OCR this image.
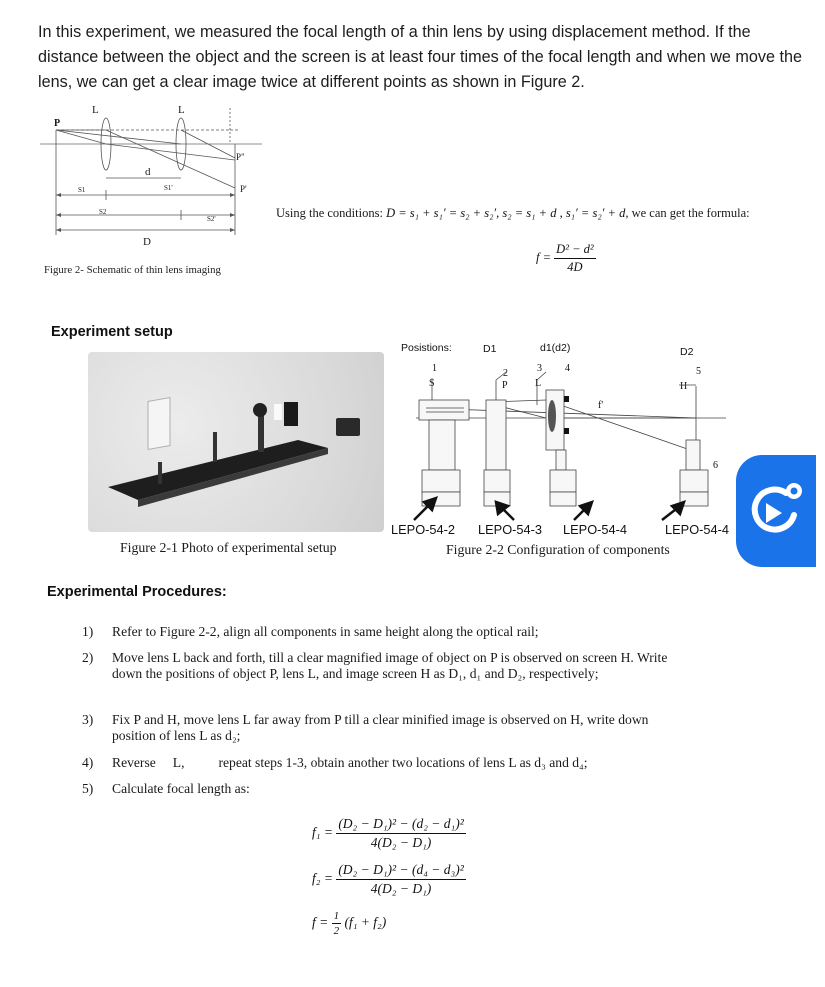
In this experiment, we measured the focal length of a thin lens by using displacement method. If the distance between the object and the screen is at least four times of the focal length and when we move the lens, we can get a clear image twice at different points as shown in Figure 2.
L	L
P
P"
P'
d
S1	S1'
S2
S2'
D
Figure 2- Schematic of thin lens imaging
Using the conditions: D = s₁ + s₁′ = s₂ + s₂′, s₂ = s₁ + d , s₁′ = s₂′ + d, we can get the formula:
$f = \frac{\text{D² − d²}}{4D}$
Experiment setup
Figure 2-1 Photo of experimental setup
Posistions:	D1	d1(d2)	D2
1	2	3 4	5
6
S	P	L	H
f'
LEPO-54-2 LEPO-54-3 LEPO-54-4	LEPO-54-4
Figure 2-2 Configuration of components
Experimental Procedures:
1) Refer to Figure 2-2, align all components in same height along the optical rail;
2) Move lens L back and forth, till a clear magnified image of object on P is observed on screen H. Write down the positions of object P, lens L, and image screen H as D₁, d₁ and D₂, respectively;
3) Fix P and H, move lens L far away from P till a clear minified image is observed on H, write down position of lens L as d₂;
4) Reverse     L,          repeat steps 1-3, obtain another two locations of lens L as d₃ and d₄;
5) Calculate focal length as:
$f_1 = \frac{\text{(D₂ − D₁)² − (d₂ − d₁)²}}{\text{4(D₂ − D₁)}}$
$f_2 = \frac{\text{(D₂ − D₁)² − (d₄ − d₃)²}}{\text{4(D₂ − D₁)}}$
$f = \frac{1}{2} (f_1 + f_2)$
